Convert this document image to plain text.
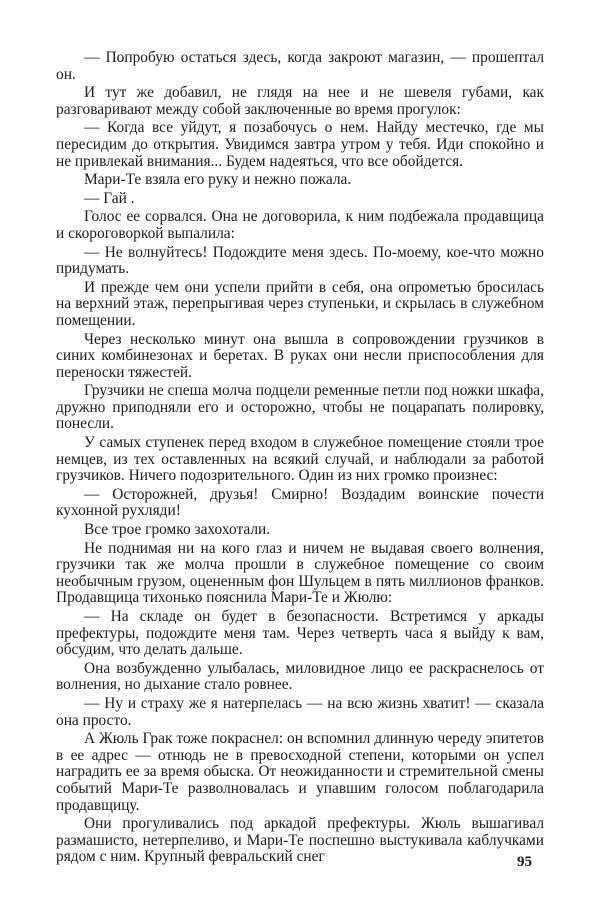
— Попробую остаться здесь, когда закроют магазин, — прошептал он.

И тут же добавил, не глядя на нее и не шевеля губами, как разговаривают между собой заключенные во время прогулок:

— Когда все уйдут, я позабочусь о нем. Найду местечко, где мы пересидим до открытия. Увидимся завтра утром у тебя. Иди спокойно и не привлекай внимания... Будем надеяться, что все обойдется.

Мари-Те взяла его руку и нежно пожала.

— Гай .

Голос ее сорвался. Она не договорила, к ним подбежала продавщица и скороговоркой выпалила:

— Не волнуйтесь! Подождите меня здесь. По-моему, кое-что можно придумать.

И прежде чем они успели прийти в себя, она опрометью бросилась на верхний этаж, перепрыгивая через ступеньки, и скрылась в служебном помещении.

Через несколько минут она вышла в сопровождении грузчиков в синих комбинезонах и беретах. В руках они несли приспособления для переноски тяжестей.

Грузчики не спеша молча подцели ременные петли под ножки шкафа, дружно приподняли его и осторожно, чтобы не поцарапать полировку, понесли.

У самых ступенек перед входом в служебное помещение стояли трое немцев, из тех оставленных на всякий случай, и наблюдали за работой грузчиков. Ничего подозрительного. Один из них громко произнес:

— Осторожней, друзья! Смирно! Воздадим воинские почести кухонной рухляди!

Все трое громко захохотали.

Не поднимая ни на кого глаз и ничем не выдавая своего волнения, грузчики так же молча прошли в служебное помещение со своим необычным грузом, оцененным фон Шульцем в пять миллионов франков. Продавщица тихонько пояснила Мари-Те и Жюлю:

— На складе он будет в безопасности. Встретимся у аркады префектуры, подождите меня там. Через четверть часа я выйду к вам, обсудим, что делать дальше.

Она возбужденно улыбалась, миловидное лицо ее раскраснелось от волнения, но дыхание стало ровнее.

— Ну и страху же я натерпелась — на всю жизнь хватит! — сказала она просто.

А Жюль Грак тоже покраснел: он вспомнил длинную череду эпитетов в ее адрес — отнюдь не в превосходной степени, которыми он успел наградить ее за время обыска. От неожиданности и стремительной смены событий Мари-Те разволновалась и упавшим голосом поблагодарила продавщицу.

Они прогуливались под аркадой префектуры. Жюль вышагивал размашисто, нетерпеливо, и Мари-Те поспешно выстукивала каблучками рядом с ним. Крупный февральский снег	95
